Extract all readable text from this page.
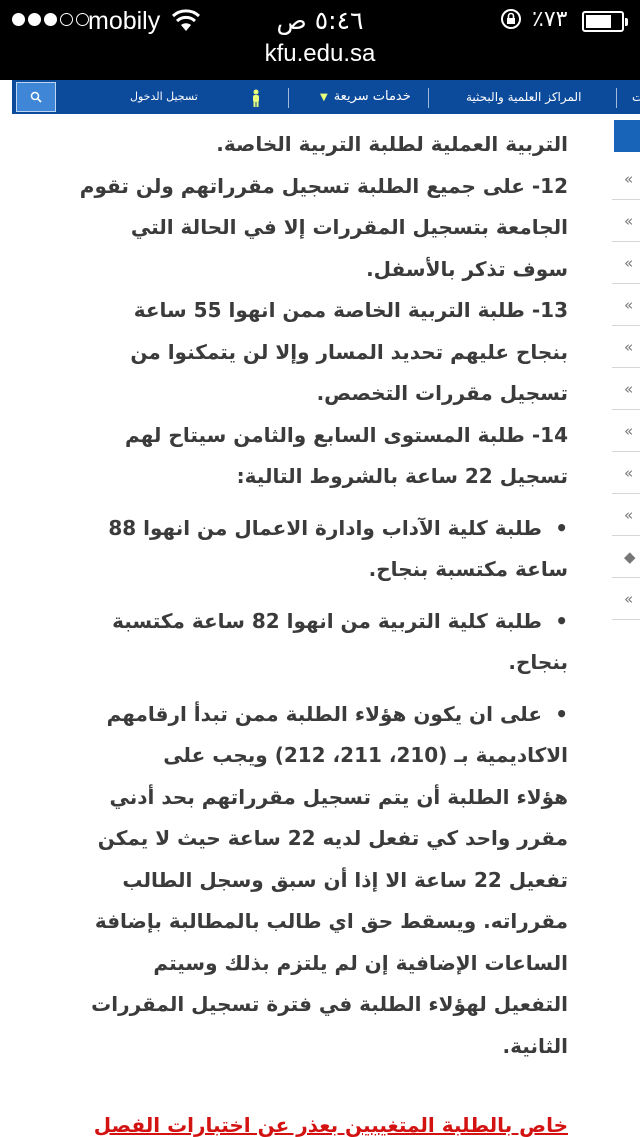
mobily	٥:٤٦ ص	٪٧٣
kfu.edu.sa
تسجيل الدخول	خدمات سريعة▼	المراكز العلمية والبحثية	ت
التربية العملية لطلبة التربية الخاصة.
12- على جميع الطلبة تسجيل مقرراتهم ولن تقوم
الجامعة بتسجيل المقررات إلا في الحالة التي
سوف تذكر بالأسفل.
13- طلبة التربية الخاصة ممن انهوا 55 ساعة
بنجاح عليهم تحديد المسار وإلا لن يتمكنوا من
تسجيل مقررات التخصص.
14- طلبة المستوى السابع والثامن سيتاح لهم
تسجيل 22 ساعة بالشروط التالية:
•
طلبة كلية الآداب وادارة الاعمال من انهوا 88
ساعة مكتسبة بنجاح.
•
طلبة كلية التربية من انهوا 82 ساعة مكتسبة
بنجاح.
•
على ان يكون هؤلاء الطلبة ممن تبدأ ارقامهم
الاكاديمية بـ (210، 211، 212) ويجب على
هؤلاء الطلبة أن يتم تسجيل مقرراتهم بحد أدني
مقرر واحد كي تفعل لديه 22 ساعة حيث لا يمكن
تفعيل 22 ساعة الا إذا أن سبق وسجل الطالب
مقرراته. ويسقط حق اي طالب بالمطالبة بإضافة
الساعات الإضافية إن لم يلتزم بذلك وسيتم
التفعيل لهؤلاء الطلبة في فترة تسجيل المقررات
الثانية.
خاص بالطلبة المتغيبين بعذر عن اختبارات الفصل
«
«
«
«
«
«
«
«
«
◆
«
